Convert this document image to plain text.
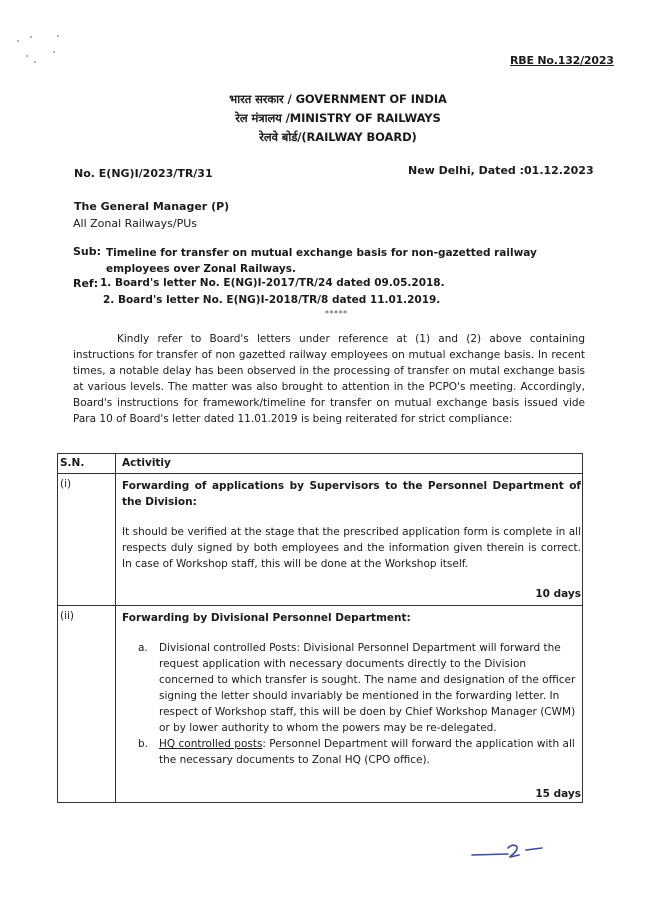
RBE No.132/2023
भारत सरकार / GOVERNMENT OF INDIA
रेल मंत्रालय /MINISTRY OF RAILWAYS
रेलवे बोर्ड/(RAILWAY BOARD)
No. E(NG)I/2023/TR/31	New Delhi, Dated :01.12.2023
The General Manager (P)
All Zonal Railways/PUs
Sub: Timeline for transfer on mutual exchange basis for non-gazetted railway employees over Zonal Railways.
Ref: 1. Board's letter No. E(NG)I-2017/TR/24 dated 09.05.2018.
2. Board's letter No. E(NG)I-2018/TR/8 dated 11.01.2019.
*****
Kindly refer to Board's letters under reference at (1) and (2) above containing instructions for transfer of non gazetted railway employees on mutual exchange basis. In recent times, a notable delay has been observed in the processing of transfer on mutal exchange basis at various levels. The matter was also brought to attention in the PCPO's meeting. Accordingly, Board's instructions for framework/timeline for transfer on mutual exchange basis issued vide Para 10 of Board's letter dated 11.01.2019 is being reiterated for strict compliance:
S.N.	Activitiy

(i)	Forwarding of applications by Supervisors to the Personnel Department of the Division:
It should be verified at the stage that the prescribed application form is complete in all respects duly signed by both employees and the information given therein is correct. In case of Workshop staff, this will be done at the Workshop itself.
10 days

(ii)	Forwarding by Divisional Personnel Department:
a. Divisional controlled Posts: Divisional Personnel Department will forward the request application with necessary documents directly to the Division concerned to which transfer is sought. The name and designation of the officer signing the letter should invariably be mentioned in the forwarding letter. In respect of Workshop staff, this will be doen by Chief Workshop Manager (CWM) or by lower authority to whom the powers may be re-delegated.
b. HQ controlled posts: Personnel Department will forward the application with all the necessary documents to Zonal HQ (CPO office).
15 days
